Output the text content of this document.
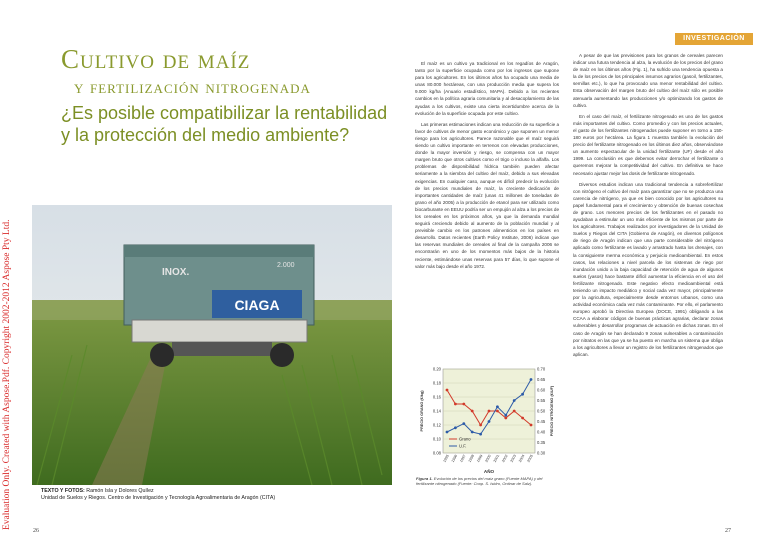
Evaluation Only. Created with Aspose.Pdf. Copyright 2002-2012 Aspose Pty Ltd.
Cultivo de maíz
y fertilización nitrogenada
¿Es posible compatibilizar la rentabilidad y la protección del medio ambiente?
CIAGA
INOX.
2.000
TEXTO Y FOTOS: Ramón Isla y Dolores Quílez
Unidad de Suelos y Riegos. Centro de Investigación y Tecnología Agroalimentaria de Aragón (CITA)
26	27
INVESTIGACIÓN

El maíz es un cultivo ya tradicional en los regadíos de Aragón, tanto por la superficie ocupada como por los ingresos que supone para los agricultores. En los últimos años ha ocupado una media de unas 80.000 hectáreas, con una producción media que supera los 9.000 kg/ha (Anuario estadístico, MAPA). Debido a los recientes cambios en la política agraria comunitaria y al desacoplamiento de las ayudas a los cultivos, existe una cierta incertidumbre acerca de la evolución de la superficie ocupada por este cultivo.

Las primeras estimaciones indican una reducción de su superficie a favor de cultivos de menor gasto económico y que suponen un menor riesgo para los agricultores. Parece razonable que el maíz seguirá siendo un cultivo importante en terrenos con elevadas producciones, donde la mayor inversión y riesgo, se compensa con un mayor margen bruto que otros cultivos como el trigo o incluso la alfalfa. Los problemas de disponibilidad hídrica también pueden afectar seriamente a la siembra del cultivo del maíz, debido a sus elevadas exigencias. En cualquier caso, aunque es difícil predecir la evolución de los precios mundiales de maíz, la creciente dedicación de importantes cantidades de maíz (unas 41 millones de toneladas de grano el año 2005) a la producción de etanol para ser utilizado como biocarburante en EEUU podría ser un empujón al alza a los precios de los cereales en los próximos años, ya que la demanda mundial seguirá creciendo debido al aumento de la población mundial y al previsible cambio en los patrones alimenticios en los países en desarrollo. Datos recientes (Earth Policy Institute, 2006) indican que las reservas mundiales de cereales al final de la campaña 2006 se encontrarán en uno de los momentos más bajos de la historia reciente, estimándose unas reservas para 57 días, lo que supone el valor más bajo desde el año 1972.

A pesar de que las previsiones para los granos de cereales parecen indicar una futura tendencia al alza, la evolución de los precios del grano de maíz en los últimos años (Fig. 1), ha sufrido una tendencia opuesta a la de los precios de los principales insumos agrarios (gasoil, fertilizantes, semillas etc.), lo que ha provocado una menor rentabilidad del cultivo. Esta observación del margen bruto del cultivo del maíz sólo es posible atenuarla aumentando las producciones y/o optimizando los gastos de cultivo.

En el caso del maíz, el fertilizante nitrogenado es uno de los gastos más importantes del cultivo. Como promedio y con los precios actuales, el gasto de los fertilizantes nitrogenados puede suponer en torno a 150-180 euros por hectárea. La figura 1 muestra también la evolución del precio del fertilizante nitrogenado en los últimos diez años, observándose un aumento espectacular de la unidad fertilizante (UF) desde el año 1999. La conclusión es que debemos evitar derrochar el fertilizante o queremos mejorar la competitividad del cultivo. En definitiva se hace necesario ajustar mejor las dosis de fertilizante nitrogenado.

Diversos estudios indican una tradicional tendencia a sobrefertilizar con nitrógeno el cultivo del maíz para garantizar que no se produzca una carencia de nitrógeno, ya que es bien conocido por los agricultores su papel fundamental para el crecimiento y obtención de buenas cosechas de grano. Los menores precios de los fertilizantes en el pasado no ayudaban a estimular un uso más eficiente de los mismos por parte de los agricultores. Trabajos realizados por investigadores de la Unidad de Suelos y Riegos del CITA (Gobierno de Aragón), en diversos polígonos de riego de Aragón indican que una parte considerable del nitrógeno aplicado como fertilizante es lavado y arrastrado hasta los drenajes, con la consiguiente merma económica y perjuicio medioambiental. En estos casos, las relaciones a nivel parcela de los sistemas de riego por inundación unido a la baja capacidad de retención de agua de algunos suelos (yasos) hace bastante difícil aumentar la eficiencia en el uso del fertilizante nitrogenado. Este negativo efecto medioambiental está teniendo un impacto mediático y social cada vez mayor, principalmente por la agricultura, especialmente desde entornos urbanos, como una actividad económica cada vez más contaminante. Por ello, el parlamento europeo aprobó la Directiva Europea (DOCE, 1991) obligando a las CCAA a elaborar códigos de buenas prácticas agrarias, declarar zonas vulnerables y desarrollar programas de actuación en dichas zonas. En el caso de Aragón se han declarado 9 zonas vulnerables a contaminación por nitratos en las que ya se ha puesto en marcha un sistema que obliga a los agricultores a llevar un registro de los fertilizantes nitrogenados que aplican.

0.20
0.18
0.16
0.14
0.12
0.10
0.08
0.70
0.65
0.60
0.55
0.50
0.45
0.40
0.35
0.30
1995 1996 1997 1998 1999 2000 2001 2002 2003 2004 2005
AÑO
PRECIO GRANO (€/kg)	PRECIO NITRÓGENO (€/UF)
Grano
U.F.
Figura 1. Evolución de los precios del maíz grano (Fuente MAPA) y del fertilizante nitrogenado (Fuente: Coop. S. Isidro, Ontinar de Salz).
